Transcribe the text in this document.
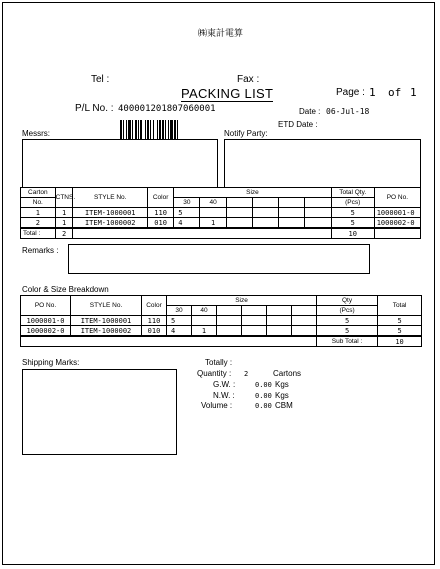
㈱東計電算
Tel :	Fax :
PACKING LIST	Page : 1 of 1
P/L No. : 400001201807060001	Date : 06-Jul-18
ETD Date :
Messrs:	Notify Party:
Carton	CTNS.	STYLE No.	Color	Size						Total Qty.	PO No.
No.				30	40					(Pcs)	
1	1	ITEM-1000001	110	5						5	1000001-0
2	1	ITEM-1000002	010	4	1					5	1000002-0
Total :	2									10	
Remarks :
Color & Size Breakdown
PO No.	STYLE No.	Color	Size						Qty	Total
			30	40					(Pcs)	
1000001-0	ITEM-1000001	110	5						5	5
1000002-0	ITEM-1000002	010	4	1					5	5
									Sub Total :	10
Shipping Marks:	Totally :
Quantity : 2	Cartons
G.W. :	0.00 Kgs
N.W. :	0.00 Kgs
Volume :	0.00 CBM
